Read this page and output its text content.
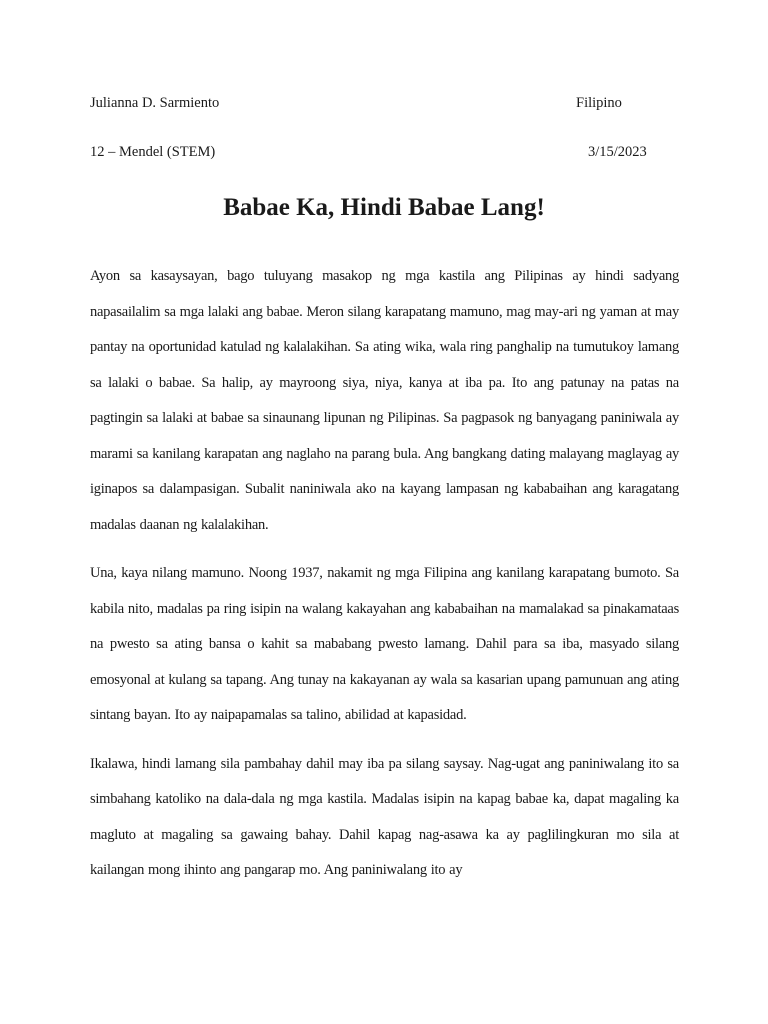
Julianna D. Sarmiento	Filipino
12 – Mendel (STEM)	3/15/2023
Babae Ka, Hindi Babae Lang!

Ayon sa kasaysayan, bago tuluyang masakop ng mga kastila ang Pilipinas ay hindi sadyang napasailalim sa mga lalaki ang babae. Meron silang karapatang mamuno, mag may-ari ng yaman at may pantay na oportunidad katulad ng kalalakihan. Sa ating wika, wala ring panghalip na tumutukoy lamang sa lalaki o babae. Sa halip, ay mayroong siya, niya, kanya at iba pa. Ito ang patunay na patas na pagtingin sa lalaki at babae sa sinaunang lipunan ng Pilipinas. Sa pagpasok ng banyagang paniniwala ay marami sa kanilang karapatan ang naglaho na parang bula. Ang bangkang dating malayang maglayag ay iginapos sa dalampasigan. Subalit naniniwala ako na kayang lampasan ng kababaihan ang karagatang madalas daanan ng kalalakihan.

Una, kaya nilang mamuno. Noong 1937, nakamit ng mga Filipina ang kanilang karapatang bumoto. Sa kabila nito, madalas pa ring isipin na walang kakayahan ang kababaihan na mamalakad sa pinakamataas na pwesto sa ating bansa o kahit sa mababang pwesto lamang. Dahil para sa iba, masyado silang emosyonal at kulang sa tapang. Ang tunay na kakayanan ay wala sa kasarian upang pamunuan ang ating sintang bayan. Ito ay naipapamalas sa talino, abilidad at kapasidad.

Ikalawa, hindi lamang sila pambahay dahil may iba pa silang saysay. Nag-ugat ang paniniwalang ito sa simbahang katoliko na dala-dala ng mga kastila. Madalas isipin na kapag babae ka, dapat magaling ka magluto at magaling sa gawaing bahay. Dahil kapag nag-asawa ka ay paglilingkuran mo sila at kailangan mong ihinto ang pangarap mo. Ang paniniwalang ito ay
